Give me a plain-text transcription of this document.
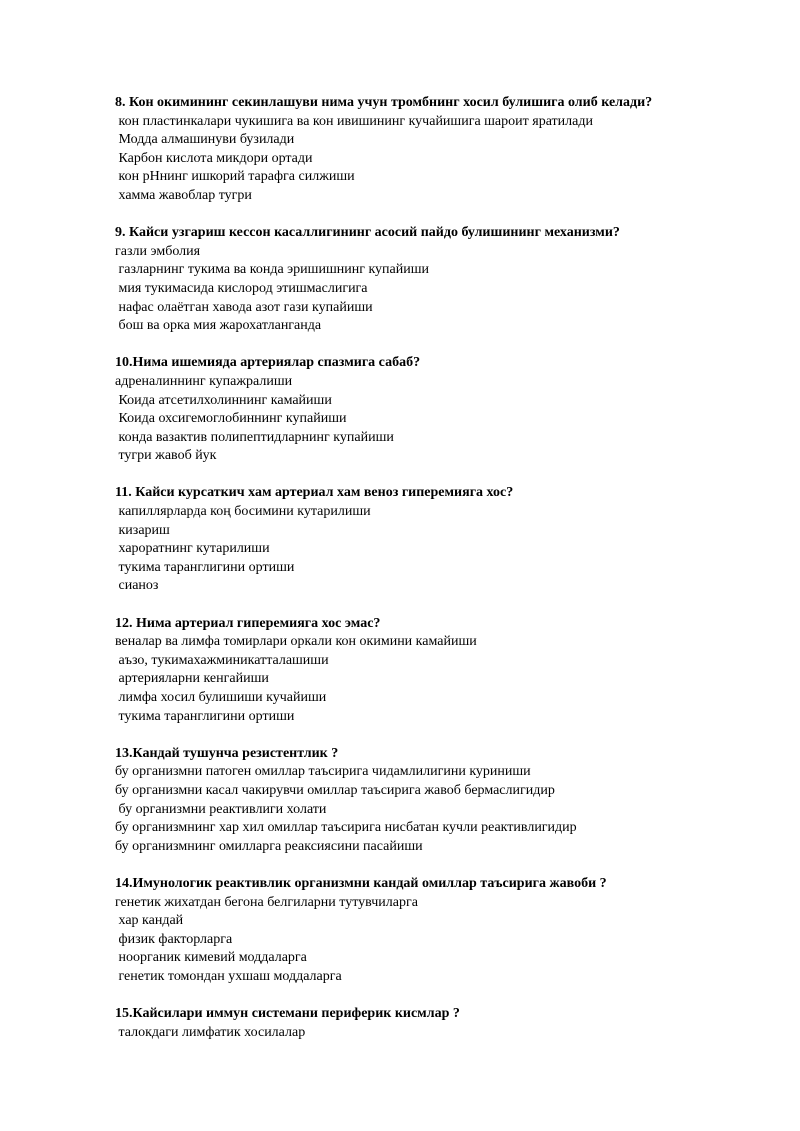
8. Кон окимининг секинлашуви нима учун тромбнинг хосил булишига олиб келади?

кон пластинкалари чукишига ва кон ивишининг кучайишига шароит яратилади
Модда алмашинуви бузилади
Карбон кислота микдори ортади
кон рНнинг ишкорий тарафга силжиши
хамма жавоблар тугри

9. Кайси узгариш кессон касаллигининг асосий пайдо булишининг механизми?

газли эмболия
газларнинг тукима ва конда эришишнинг купайиши
мия тукимасида кислород этишмаслигига
нафас олаётган хавода азот гази купайиши
бош ва орка мия жарохатланганда

10.Нима ишемияда артериялар спазмига сабаб?

адреналиннинг купажралиши
Коида атсетилхолиннинг камайиши
Коида охсигемоглобиннинг купайиши
конда вазактив полипептидларнинг купайиши
тугри жавоб йук

11. Кайси курсаткич хам артериал хам веноз гиперемияга хос?

капиллярларда коң босимини кутарилиши
кизариш
хароратнинг кутарилиши
тукима таранглигини ортиши
сианоз

12. Нима артериал гиперемияга хос эмас?

веналар ва лимфа томирлари оркали кон окимини камайиши
аъзо, тукимахажминикатталашиши
артерияларни кенгайиши
лимфа хосил булишиши кучайиши
тукима таранглигини ортиши

13.Кандай тушунча резистентлик ?

бу организмни патоген омиллар таъсирига чидамлилигини куриниши
бу организмни касал чакирувчи омиллар таъсирига жавоб бермаслигидир
бу организмни реактивлиги холати
бу организмнинг хар хил омиллар таъсирига нисбатан кучли реактивлигидир
бу организмнинг омилларга реаксиясини пасайиши

14.Имунологик реактивлик организмни кандай омиллар таъсирига жавоби ?

генетик жихатдан бегона белгиларни тутувчиларга
хар кандай
физик факторларга
ноорганик кимевий моддаларга
генетик томондан ухшаш моддаларга

15.Кайсилари иммун системани периферик кисмлар ?

талокдаги лимфатик хосилалар
